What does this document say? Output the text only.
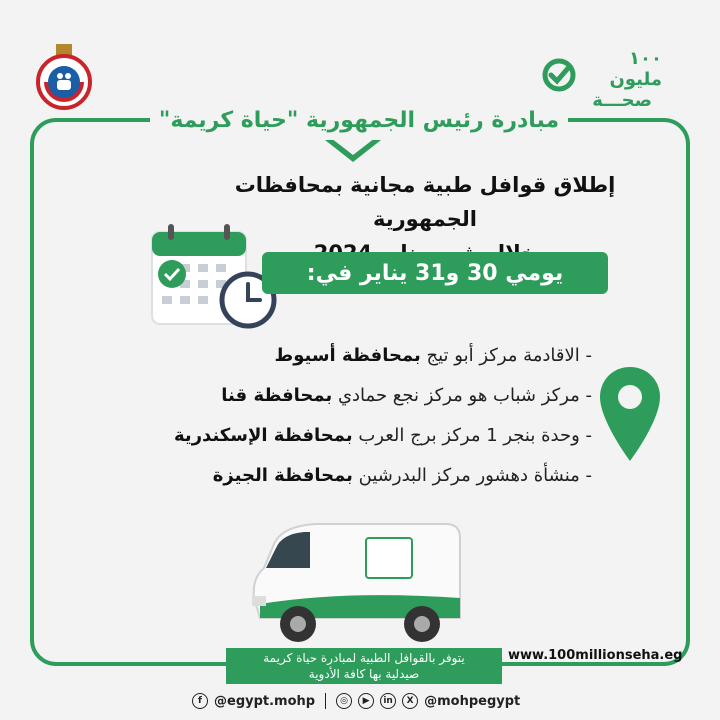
١٠٠ مليون
صحـــة
مبادرة رئيس الجمهورية "حياة كريمة"
إطلاق قوافل طبية مجانية بمحافظات الجمهورية
يومي 30 و31 يناير في:
- الاقادمة مركز أبو تيج بمحافظة أسيوط
- مركز شباب هو مركز نجع حمادي بمحافظة قنا
- وحدة بنجر 1 مركز برج العرب بمحافظة الإسكندرية
- منشأة دهشور مركز البدرشين بمحافظة الجيزة
يتوفر بالقوافل الطبية لمبادرة حياة كريمة
صيدلية بها كافة الأدوية
www.100millionseha.eg
f @egypt.mohp	◎	▶	in	X @mohpegypt
